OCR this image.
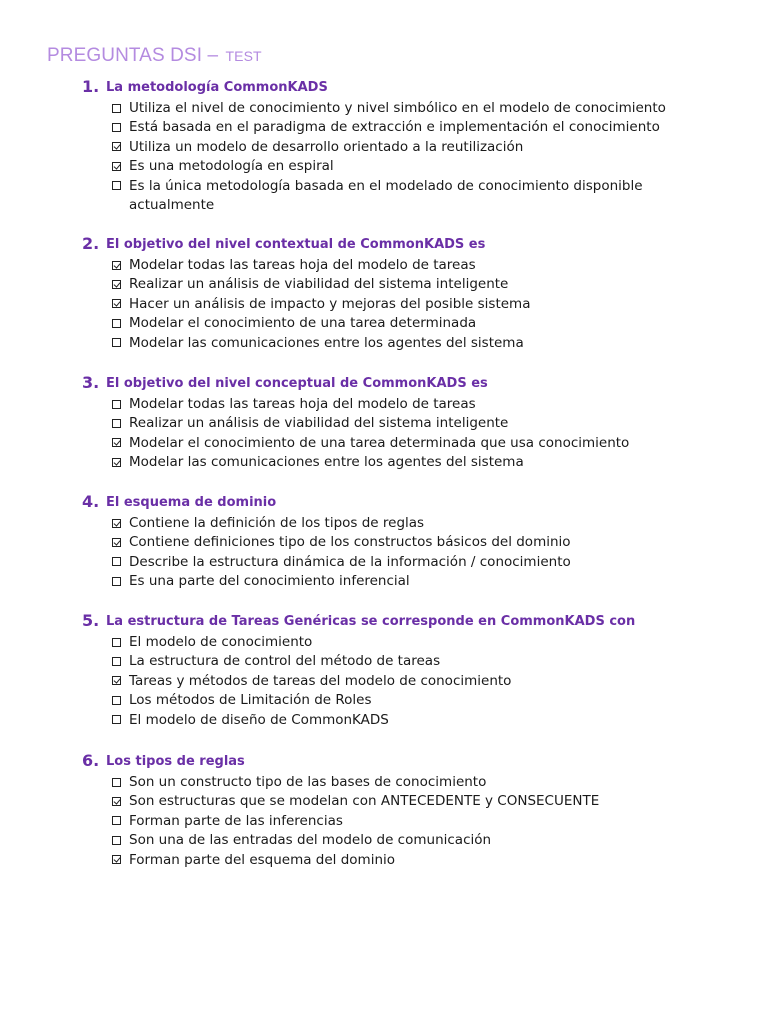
PREGUNTAS DSI – TEST
1. La metodología CommonKADS
Utiliza el nivel de conocimiento y nivel simbólico en el modelo de conocimiento
Está basada en el paradigma de extracción e implementación el conocimiento
Utiliza un modelo de desarrollo orientado a la reutilización
Es una metodología en espiral
Es la única metodología basada en el modelado de conocimiento disponible actualmente
2. El objetivo del nivel contextual de CommonKADS es
Modelar todas las tareas hoja del modelo de tareas
Realizar un análisis de viabilidad del sistema inteligente
Hacer un análisis de impacto y mejoras del posible sistema
Modelar el conocimiento de una tarea determinada
Modelar las comunicaciones entre los agentes del sistema
3. El objetivo del nivel conceptual de CommonKADS es
Modelar todas las tareas hoja del modelo de tareas
Realizar un análisis de viabilidad del sistema inteligente
Modelar el conocimiento de una tarea determinada que usa conocimiento
Modelar las comunicaciones entre los agentes del sistema
4. El esquema de dominio
Contiene la definición de los tipos de reglas
Contiene definiciones tipo de los constructos básicos del dominio
Describe la estructura dinámica de la información / conocimiento
Es una parte del conocimiento inferencial
5. La estructura de Tareas Genéricas se corresponde en CommonKADS con
El modelo de conocimiento
La estructura de control del método de tareas
Tareas y métodos de tareas del modelo de conocimiento
Los métodos de Limitación de Roles
El modelo de diseño de CommonKADS
6. Los tipos de reglas
Son un constructo tipo de las bases de conocimiento
Son estructuras que se modelan con ANTECEDENTE y CONSECUENTE
Forman parte de las inferencias
Son una de las entradas del modelo de comunicación
Forman parte del esquema del dominio
